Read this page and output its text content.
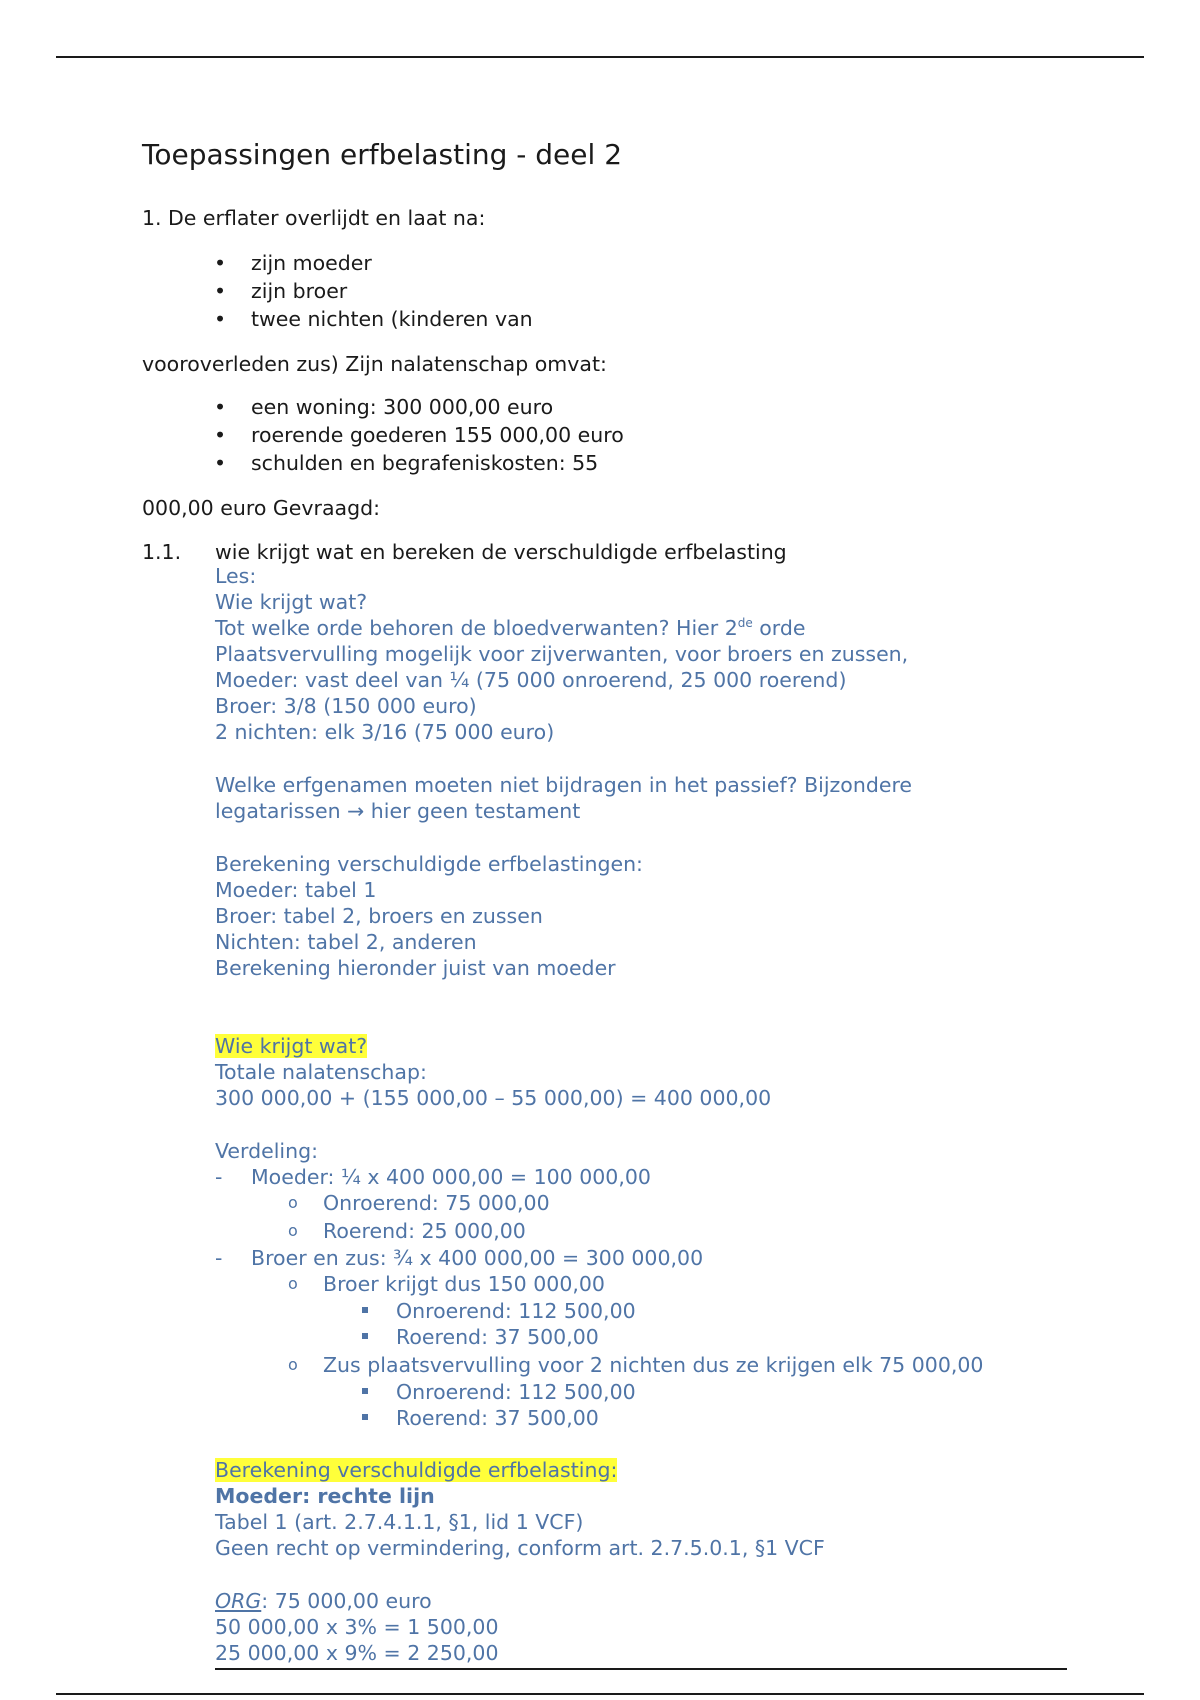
Toepassingen erfbelasting - deel 2
1. De erflater overlijdt en laat na:
• zijn moeder
• zijn broer
• twee nichten (kinderen van
vooroverleden zus) Zijn nalatenschap omvat:
• een woning: 300 000,00 euro
• roerende goederen 155 000,00 euro
• schulden en begrafeniskosten: 55
000,00 euro Gevraagd:
1.1. wie krijgt wat en bereken de verschuldigde erfbelasting
Les:
Wie krijgt wat?
Tot welke orde behoren de bloedverwanten? Hier 2de orde
Plaatsvervulling mogelijk voor zijverwanten, voor broers en zussen,
Moeder: vast deel van ¼ (75 000 onroerend, 25 000 roerend)
Broer: 3/8 (150 000 euro)
2 nichten: elk 3/16 (75 000 euro)
Welke erfgenamen moeten niet bijdragen in het passief? Bijzondere
legatarissen → hier geen testament
Berekening verschuldigde erfbelastingen:
Moeder: tabel 1
Broer: tabel 2, broers en zussen
Nichten: tabel 2, anderen
Berekening hieronder juist van moeder
Wie krijgt wat?
Totale nalatenschap:
300 000,00 + (155 000,00 – 55 000,00) = 400 000,00
Verdeling:
- Moeder: ¼ x 400 000,00 = 100 000,00
o Onroerend: 75 000,00
o Roerend: 25 000,00
- Broer en zus: ¾ x 400 000,00 = 300 000,00
o Broer krijgt dus 150 000,00
Onroerend: 112 500,00
Roerend: 37 500,00
o Zus plaatsvervulling voor 2 nichten dus ze krijgen elk 75 000,00
Onroerend: 112 500,00
Roerend: 37 500,00
Berekening verschuldigde erfbelasting:
Moeder: rechte lijn
Tabel 1 (art. 2.7.4.1.1, §1, lid 1 VCF)
Geen recht op vermindering, conform art. 2.7.5.0.1, §1 VCF
ORG: 75 000,00 euro
50 000,00 x 3% = 1 500,00
25 000,00 x 9% = 2 250,00
